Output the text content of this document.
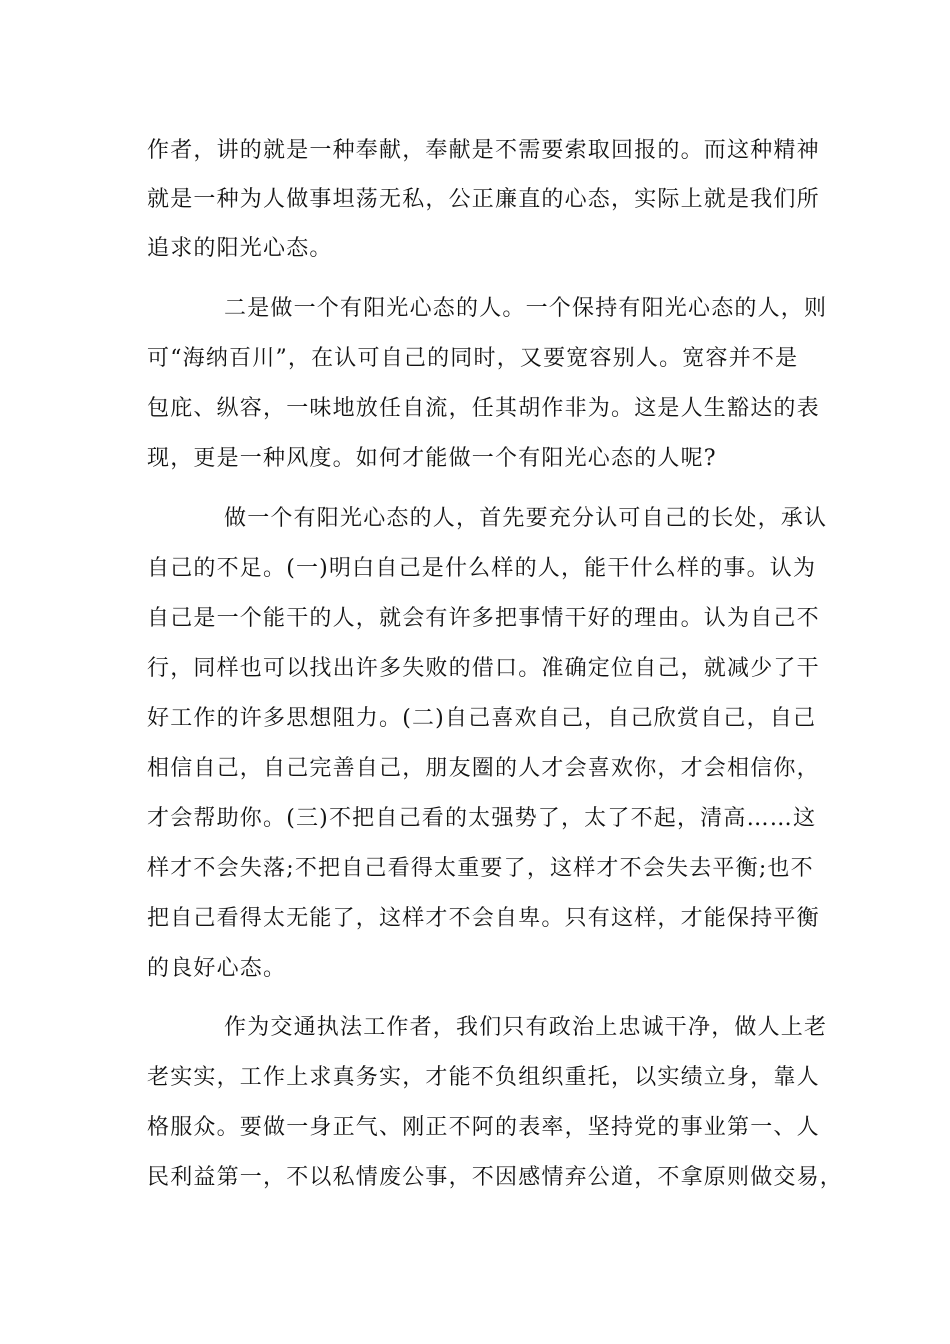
作者，讲的就是一种奉献，奉献是不需要索取回报的。而这种精神
就是一种为人做事坦荡无私，公正廉直的心态，实际上就是我们所
追求的阳光心态。
二是做一个有阳光心态的人。一个保持有阳光心态的人，则
可“海纳百川”，在认可自己的同时，又要宽容别人。宽容并不是
包庇、纵容，一味地放任自流，任其胡作非为。这是人生豁达的表
现，更是一种风度。如何才能做一个有阳光心态的人呢?
做一个有阳光心态的人，首先要充分认可自己的长处，承认
自己的不足。(一)明白自己是什么样的人，能干什么样的事。认为
自己是一个能干的人，就会有许多把事情干好的理由。认为自己不
行，同样也可以找出许多失败的借口。准确定位自己，就减少了干
好工作的许多思想阻力。(二)自己喜欢自己，自己欣赏自己，自己
相信自己，自己完善自己，朋友圈的人才会喜欢你，才会相信你，
才会帮助你。(三)不把自己看的太强势了，太了不起，清高……这
样才不会失落;不把自己看得太重要了，这样才不会失去平衡;也不
把自己看得太无能了，这样才不会自卑。只有这样，才能保持平衡
的良好心态。
作为交通执法工作者，我们只有政治上忠诚干净，做人上老
老实实，工作上求真务实，才能不负组织重托，以实绩立身，靠人
格服众。要做一身正气、刚正不阿的表率，坚持党的事业第一、人
民利益第一，不以私情废公事，不因感情弃公道，不拿原则做交易，
